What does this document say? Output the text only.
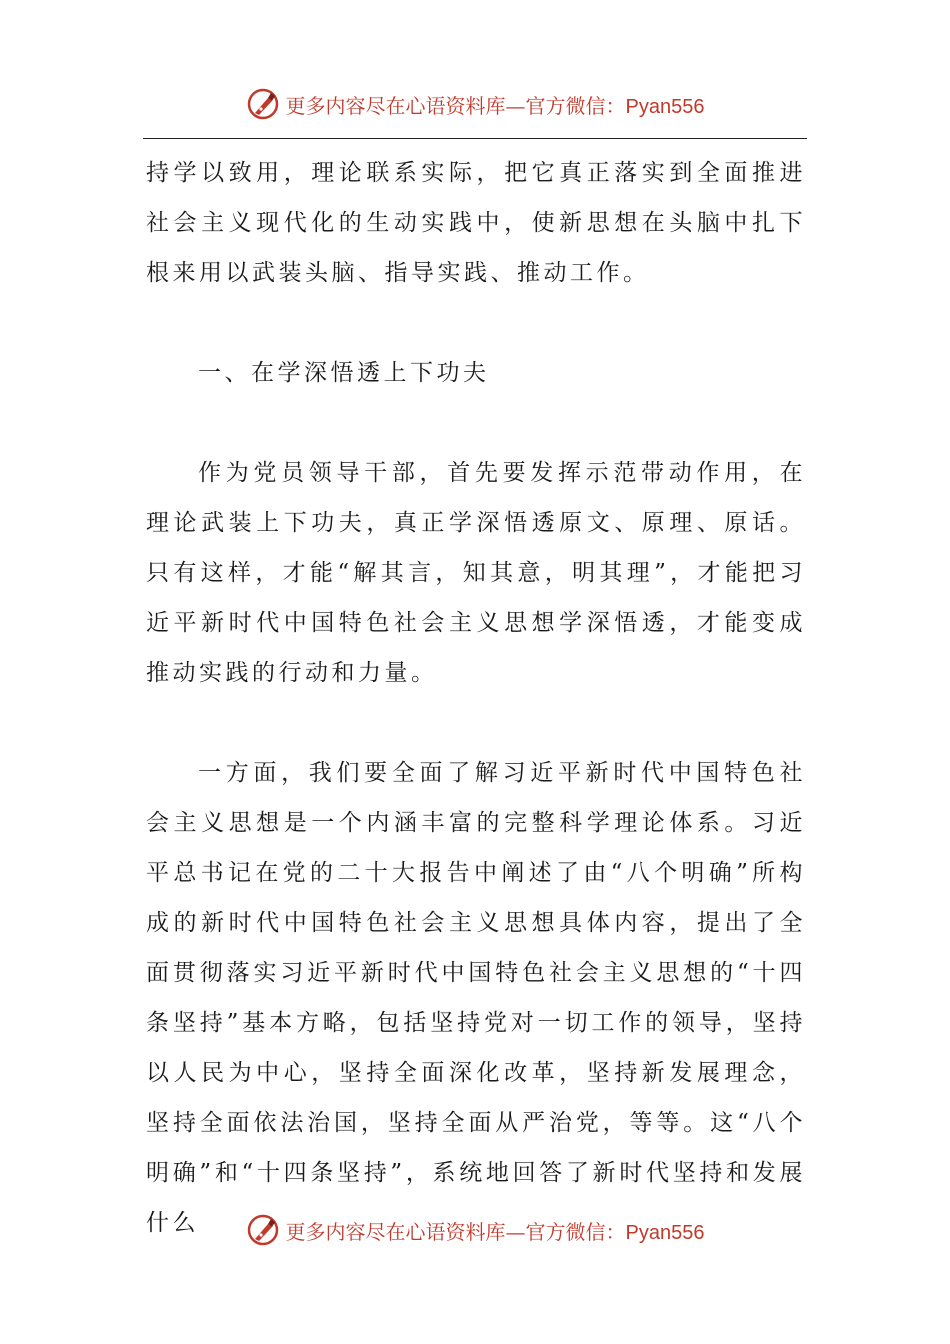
更多内容尽在心语资料库—官方微信：Pyan556

持学以致用，理论联系实际，把它真正落实到全面推进社会主义现代化的生动实践中，使新思想在头脑中扎下根来用以武装头脑、指导实践、推动工作。

一、在学深悟透上下功夫

作为党员领导干部，首先要发挥示范带动作用，在理论武装上下功夫，真正学深悟透原文、原理、原话。只有这样，才能“解其言，知其意，明其理”，才能把习近平新时代中国特色社会主义思想学深悟透，才能变成推动实践的行动和力量。

一方面，我们要全面了解习近平新时代中国特色社会主义思想是一个内涵丰富的完整科学理论体系。习近平总书记在党的二十大报告中阐述了由“八个明确”所构成的新时代中国特色社会主义思想具体内容，提出了全面贯彻落实习近平新时代中国特色社会主义思想的“十四条坚持”基本方略，包括坚持党对一切工作的领导，坚持以人民为中心，坚持全面深化改革，坚持新发展理念，坚持全面依法治国，坚持全面从严治党，等等。这“八个明确”和“十四条坚持”，系统地回答了新时代坚持和发展什么	更多内容尽在心语资料库—官方微信：Pyan556
